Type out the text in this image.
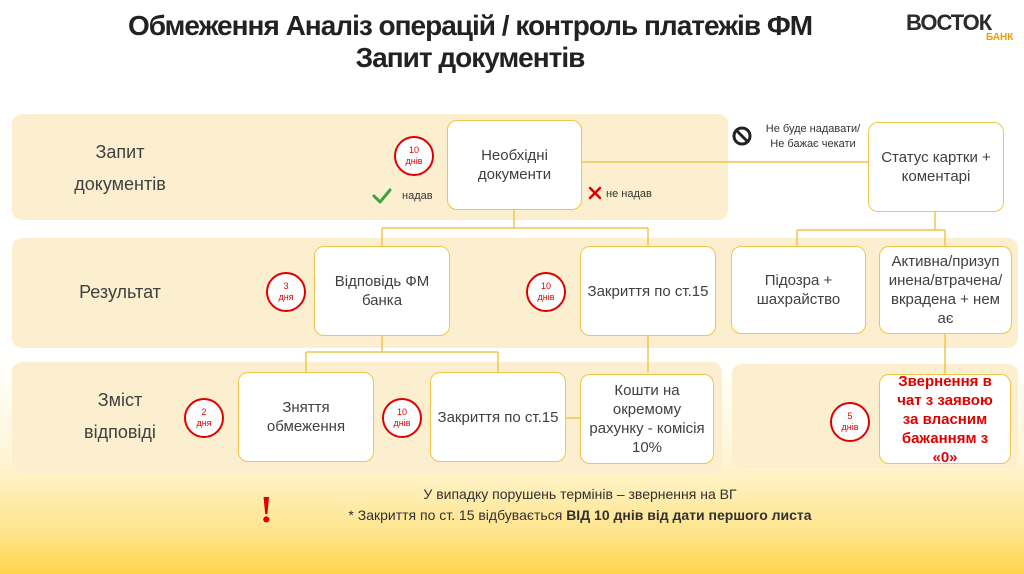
Обмеження Аналіз операцій / контроль платежів ФМ
Запит документів
ВОСТОК
БАНК
Запит
документів
Результат
Зміст
відповіді
Необхідні документи
Статус картки + коментарі
Відповідь ФМ банка
Закриття по ст.15
Підозра + шахрайство
Активна/призупинена/втрачена/вкрадена + немає
Зняття обмеження
Закриття по ст.15
Кошти на окремому рахунку - комісія 10%
Звернення в чат з заявою за власним бажанням з «0»
10
днів
3
дня
10
днів
2
дня
10
днів
5
днів
надав	не надав
Не буде надавати/
Не бажає чекати
!	У випадку порушень термінів – звернення на ВГ
* Закриття по ст. 15 відбувається ВІД 10 днів від дати першого листа
